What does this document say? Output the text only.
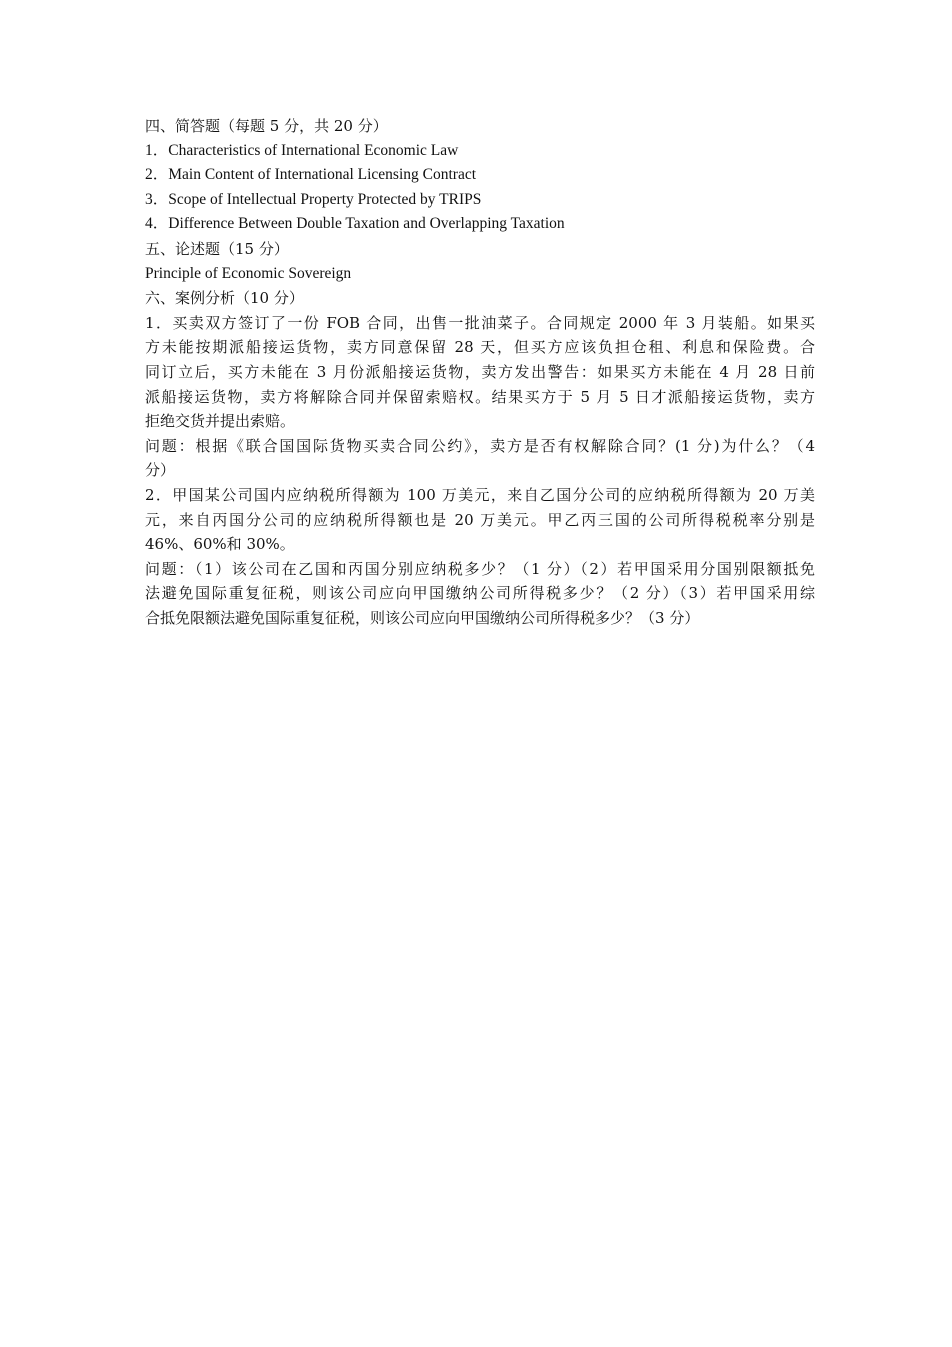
四、简答题（每题 5 分，共 20 分）
1．Characteristics of International Economic Law
2．Main Content of International Licensing Contract
3．Scope of Intellectual Property Protected by TRIPS
4．Difference Between Double Taxation and Overlapping Taxation
五、论述题（15 分）
Principle of Economic Sovereign
六、案例分析（10 分）
1．买卖双方签订了一份 FOB 合同，出售一批油菜子。合同规定 2000 年 3 月装船。如果买
方未能按期派船接运货物，卖方同意保留 28 天，但买方应该负担仓租、利息和保险费。合
同订立后，买方未能在 3 月份派船接运货物，卖方发出警告：如果买方未能在 4 月 28 日前
派船接运货物，卖方将解除合同并保留索赔权。结果买方于 5 月 5 日才派船接运货物，卖方
拒绝交货并提出索赔。
问题：根据《联合国国际货物买卖合同公约》，卖方是否有权解除合同？(1 分)为什么？（4
分）
2．甲国某公司国内应纳税所得额为 100 万美元，来自乙国分公司的应纳税所得额为 20 万美
元，来自丙国分公司的应纳税所得额也是 20 万美元。甲乙丙三国的公司所得税税率分别是
46%、60%和 30%。
问题：（1）该公司在乙国和丙国分别应纳税多少？（1 分）（2）若甲国采用分国别限额抵免
法避免国际重复征税，则该公司应向甲国缴纳公司所得税多少？（2 分）（3）若甲国采用综
合抵免限额法避免国际重复征税，则该公司应向甲国缴纳公司所得税多少？（3 分）
